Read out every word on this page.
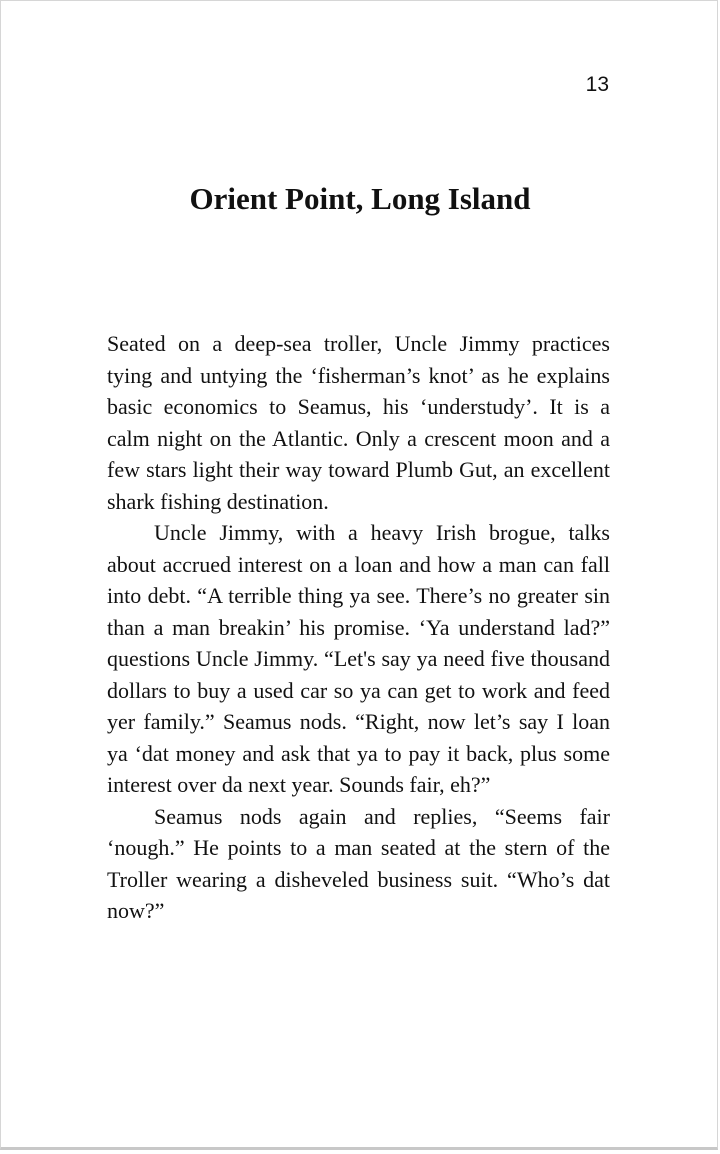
13
Orient Point, Long Island

Seated on a deep-sea troller, Uncle Jimmy practices tying and untying the ‘fisherman’s knot’ as he explains basic economics to Seamus, his ‘understudy’. It is a calm night on the Atlantic. Only a crescent moon and a few stars light their way toward Plumb Gut, an excellent shark fishing destination.

Uncle Jimmy, with a heavy Irish brogue, talks about accrued interest on a loan and how a man can fall into debt. “A terrible thing ya see. There’s no greater sin than a man breakin’ his promise. ‘Ya understand lad?” questions Uncle Jimmy. “Let's say ya need five thousand dollars to buy a used car so ya can get to work and feed yer family.” Seamus nods. “Right, now let’s say I loan ya ‘dat money and ask that ya to pay it back, plus some interest over da next year. Sounds fair, eh?”

Seamus nods again and replies, “Seems fair ‘nough.” He points to a man seated at the stern of the Troller wearing a disheveled business suit. “Who’s dat now?”
